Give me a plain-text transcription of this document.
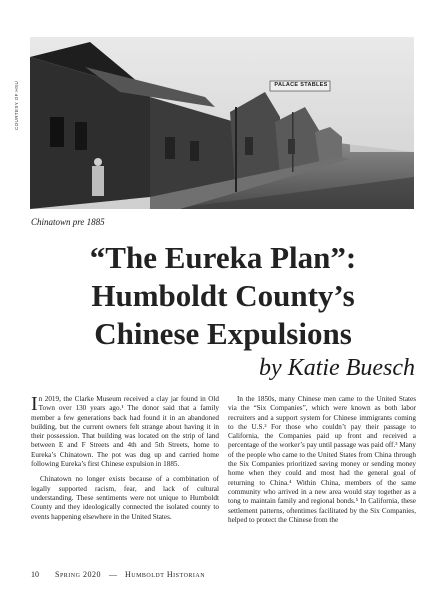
PALACE STABLES
COURTESY OF HSU
Chinatown pre 1885
“The Eureka Plan”:
Humboldt County’s
Chinese Expulsions
by Katie Buesch

In 2019, the Clarke Museum received a clay jar found in Old Town over 130 years ago.¹ The donor said that a family member a few generations back had found it in an abandoned building, but the current owners felt strange about having it in their possession. That building was located on the strip of land between E and F Streets and 4th and 5th Streets, home to Eureka’s Chinatown. The pot was dug up and carried home following Eureka’s first Chinese expulsion in 1885.

Chinatown no longer exists because of a combination of legally supported racism, fear, and lack of cultural understanding. These sentiments were not unique to Humboldt County and they ideologically connected the isolated county to events happening elsewhere in the United States.

In the 1850s, many Chinese men came to the United States via the “Six Companies”, which were known as both labor recruiters and a support system for Chinese immigrants coming to the U.S.² For those who couldn’t pay their passage to California, the Companies paid up front and received a percentage of the worker’s pay until passage was paid off.³ Many of the people who came to the United States from China through the Six Companies prioritized saving money or sending money home when they could and most had the general goal of returning to China.⁴ Within China, members of the same community who arrived in a new area would stay together as a tong to maintain family and regional bonds.⁵ In California, these settlement patterns, oftentimes facilitated by the Six Companies, helped to protect the Chinese from the

10 Spring 2020 — Humboldt Historian
